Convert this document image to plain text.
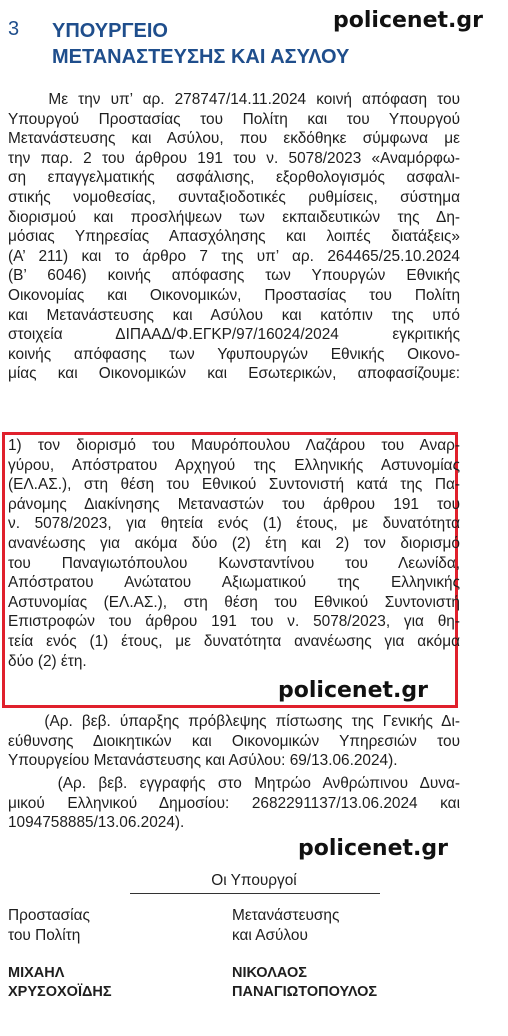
3 ΥΠΟΥΡΓΕΙΟ
ΜΕΤΑΝΑΣΤΕΥΣΗΣ ΚΑΙ ΑΣΥΛΟΥ
policenet.gr
Με την υπ’ αρ. 278747/14.11.2024 κοινή απόφαση του
Υπουργού Προστασίας του Πολίτη και του Υπουργού
Μετανάστευσης και Ασύλου, που εκδόθηκε σύμφωνα με
την παρ. 2 του άρθρου 191 του ν. 5078/2023 «Αναμόρφω-
ση επαγγελματικής ασφάλισης, εξορθολογισμός ασφαλι-
στικής νομοθεσίας, συνταξιοδοτικές ρυθμίσεις, σύστημα
διορισμού και προσλήψεων των εκπαιδευτικών της Δη-
μόσιας Υπηρεσίας Απασχόλησης και λοιπές διατάξεις»
(Α’ 211) και το άρθρο 7 της υπ’ αρ. 264465/25.10.2024
(Β’ 6046) κοινής απόφασης των Υπουργών Εθνικής
Οικονομίας και Οικονομικών, Προστασίας του Πολίτη
και Μετανάστευσης και Ασύλου και κατόπιν της υπό
στοιχεία ΔΙΠΑΑΔ/Φ.ΕΓΚΡ/97/16024/2024 εγκριτικής
κοινής απόφασης των Υφυπουργών Εθνικής Οικονο-
μίας και Οικονομικών και Εσωτερικών, αποφασίζουμε:
1) τον διορισμό του Μαυρόπουλου Λαζάρου του Αναρ-
γύρου, Απόστρατου Αρχηγού της Ελληνικής Αστυνομίας
(ΕΛ.ΑΣ.), στη θέση του Εθνικού Συντονιστή κατά της Πα-
ράνομης Διακίνησης Μεταναστών του άρθρου 191 του
ν. 5078/2023, για θητεία ενός (1) έτους, με δυνατότητα
ανανέωσης για ακόμα δύο (2) έτη και 2) τον διορισμό
του Παναγιωτόπουλου Κωνσταντίνου του Λεωνίδα,
Απόστρατου Ανώτατου Αξιωματικού της Ελληνικής
Αστυνομίας (ΕΛ.ΑΣ.), στη θέση του Εθνικού Συντονιστή
Επιστροφών του άρθρου 191 του ν. 5078/2023, για θη-
τεία ενός (1) έτους, με δυνατότητα ανανέωσης για ακόμα
δύο (2) έτη.
policenet.gr
(Αρ. βεβ. ύπαρξης πρόβλεψης πίστωσης της Γενικής Δι-
εύθυνσης Διοικητικών και Οικονομικών Υπηρεσιών του
Υπουργείου Μετανάστευσης και Ασύλου: 69/13.06.2024).
(Αρ. βεβ. εγγραφής στο Μητρώο Ανθρώπινου Δυνα-
μικού Ελληνικού Δημοσίου: 2682291137/13.06.2024 και
1094758885/13.06.2024).
policenet.gr
Οι Υπουργοί
Προστασίας
του Πολίτη
ΜΙΧΑΗΛ
ΧΡΥΣΟΧΟΪΔΗΣ
Μετανάστευσης
και Ασύλου
ΝΙΚΟΛΑΟΣ
ΠΑΝΑΓΙΩΤΟΠΟΥΛΟΣ
